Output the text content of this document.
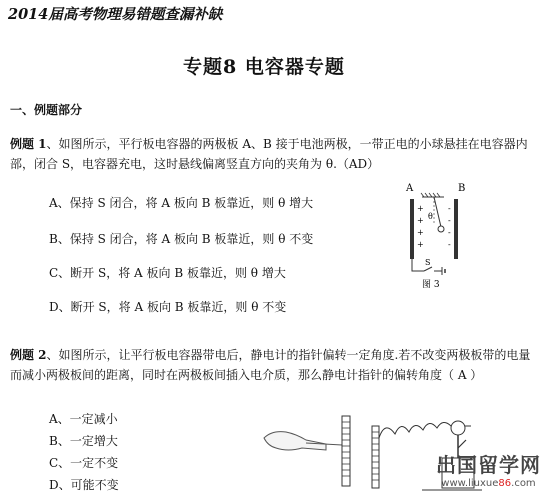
2014届高考物理易错题查漏补缺
专题8 电容器专题
一、例题部分
例题 1、如图所示，平行板电容器的两极板 A、B 接于电池两极，一带正电的小球悬挂在电容器内部，闭合 S，电容器充电，这时悬线偏离竖直方向的夹角为 θ.（AD）
A、保持 S 闭合，将 A 板向 B 板靠近，则 θ 增大
B、保持 S 闭合，将 A 板向 B 板靠近，则 θ 不变
C、断开 S，将 A 板向 B 板靠近，则 θ 增大
D、断开 S，将 A 板向 B 板靠近，则 θ 不变
A	B
θ
+
+
+
+
-
-
-
-
S
图 3
例题 2、如图所示，让平行板电容器带电后，静电计的指针偏转一定角度.若不改变两极板带的电量而减小两极板间的距离，同时在两极板间插入电介质，那么静电计指针的偏转角度（ A ）
A、一定减小
B、一定增大
C、一定不变
D、可能不变
出国留学网
www.liuxue86.com
